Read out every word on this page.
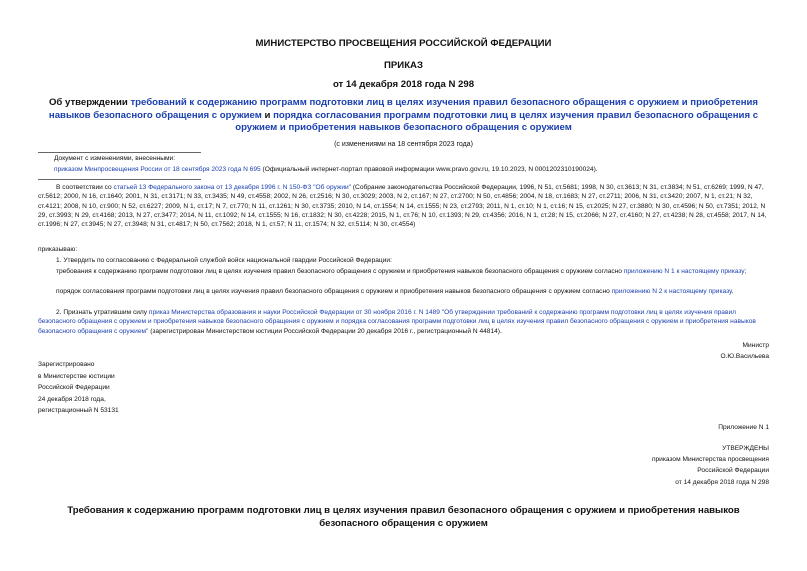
МИНИСТЕРСТВО ПРОСВЕЩЕНИЯ РОССИЙСКОЙ ФЕДЕРАЦИИ
ПРИКАЗ
от 14 декабря 2018 года N 298
Об утверждении требований к содержанию программ подготовки лиц в целях изучения правил безопасного обращения с оружием и приобретения навыков безопасного обращения с оружием и порядка согласования программ подготовки лиц в целях изучения правил безопасного обращения с оружием и приобретения навыков безопасного обращения с оружием
(с изменениями на 18 сентября 2023 года)
Документ с изменениями, внесенными:
приказом Минпросвещения России от 18 сентября 2023 года N 695 (Официальный интернет-портал правовой информации www.pravo.gov.ru, 19.10.2023, N 0001202310190024).
В соответствии со статьей 13 Федерального закона от 13 декабря 1996 г. N 150-ФЗ "Об оружии" (Собрание законодательства Российской Федерации, 1996, N 51, ст.5681; 1998, N 30, ст.3613; N 31, ст.3834; N 51, ст.6269; 1999, N 47, ст.5612; 2000, N 16, ст.1640; 2001, N 31, ст.3171; N 33, ст.3435; N 49, ст.4558; 2002, N 26, ст.2516; N 30, ст.3029; 2003, N 2, ст.167; N 27, ст.2700; N 50, ст.4856; 2004, N 18, ст.1683; N 27, ст.2711; 2006, N 31, ст.3420; 2007, N 1, ст.21; N 32, ст.4121; 2008, N 10, ст.900; N 52, ст.6227; 2009, N 1, ст.17; N 7, ст.770; N 11, ст.1261; N 30, ст.3735; 2010, N 14, ст.1554; N 14, ст.1555; N 23, ст.2793; 2011, N 1, ст.10; N 1, ст.16; N 15, ст.2025; N 27, ст.3880; N 30, ст.4596; N 50, ст.7351; 2012, N 29, ст.3993; N 29, ст.4168; 2013, N 27, ст.3477; 2014, N 11, ст.1092; N 14, ст.1555; N 16, ст.1832; N 30, ст.4228; 2015, N 1, ст.76; N 10, ст.1393; N 29, ст.4356; 2016, N 1, ст.28; N 15, ст.2066; N 27, ст.4160; N 27, ст.4238; N 28, ст.4558; 2017, N 14, ст.1996; N 27, ст.3945; N 27, ст.3948; N 31, ст.4817; N 50, ст.7562; 2018, N 1, ст.57; N 11, ст.1574; N 32, ст.5114; N 30, ст.4554)
приказываю:
1. Утвердить по согласованию с Федеральной службой войск национальной гвардии Российской Федерации:
требования к содержанию программ подготовки лиц в целях изучения правил безопасного обращения с оружием и приобретения навыков безопасного обращения с оружием согласно приложению N 1 к настоящему приказу;
порядок согласования программ подготовки лиц в целях изучения правил безопасного обращения с оружием и приобретения навыков безопасного обращения с оружием согласно приложению N 2 к настоящему приказу.
2. Признать утратившим силу приказ Министерства образования и науки Российской Федерации от 30 ноября 2016 г. N 1489 "Об утверждении требований к содержанию программ подготовки лиц в целях изучения правил безопасного обращения с оружием и приобретения навыков безопасного обращения с оружием и порядка согласования программ подготовки лиц в целях изучения правил безопасного обращения с оружием и приобретения навыков безопасного обращения с оружием" (зарегистрирован Министерством юстиции Российской Федерации 20 декабря 2016 г., регистрационный N 44814).
Министр
О.Ю.Васильева
Зарегистрировано
в Министерстве юстиции
Российской Федерации
24 декабря 2018 года,
регистрационный N 53131
Приложение N 1
УТВЕРЖДЕНЫ
приказом Министерства просвещения
Российской Федерации
от 14 декабря 2018 года N 298
Требования к содержанию программ подготовки лиц в целях изучения правил безопасного обращения с оружием и приобретения навыков безопасного обращения с оружием
